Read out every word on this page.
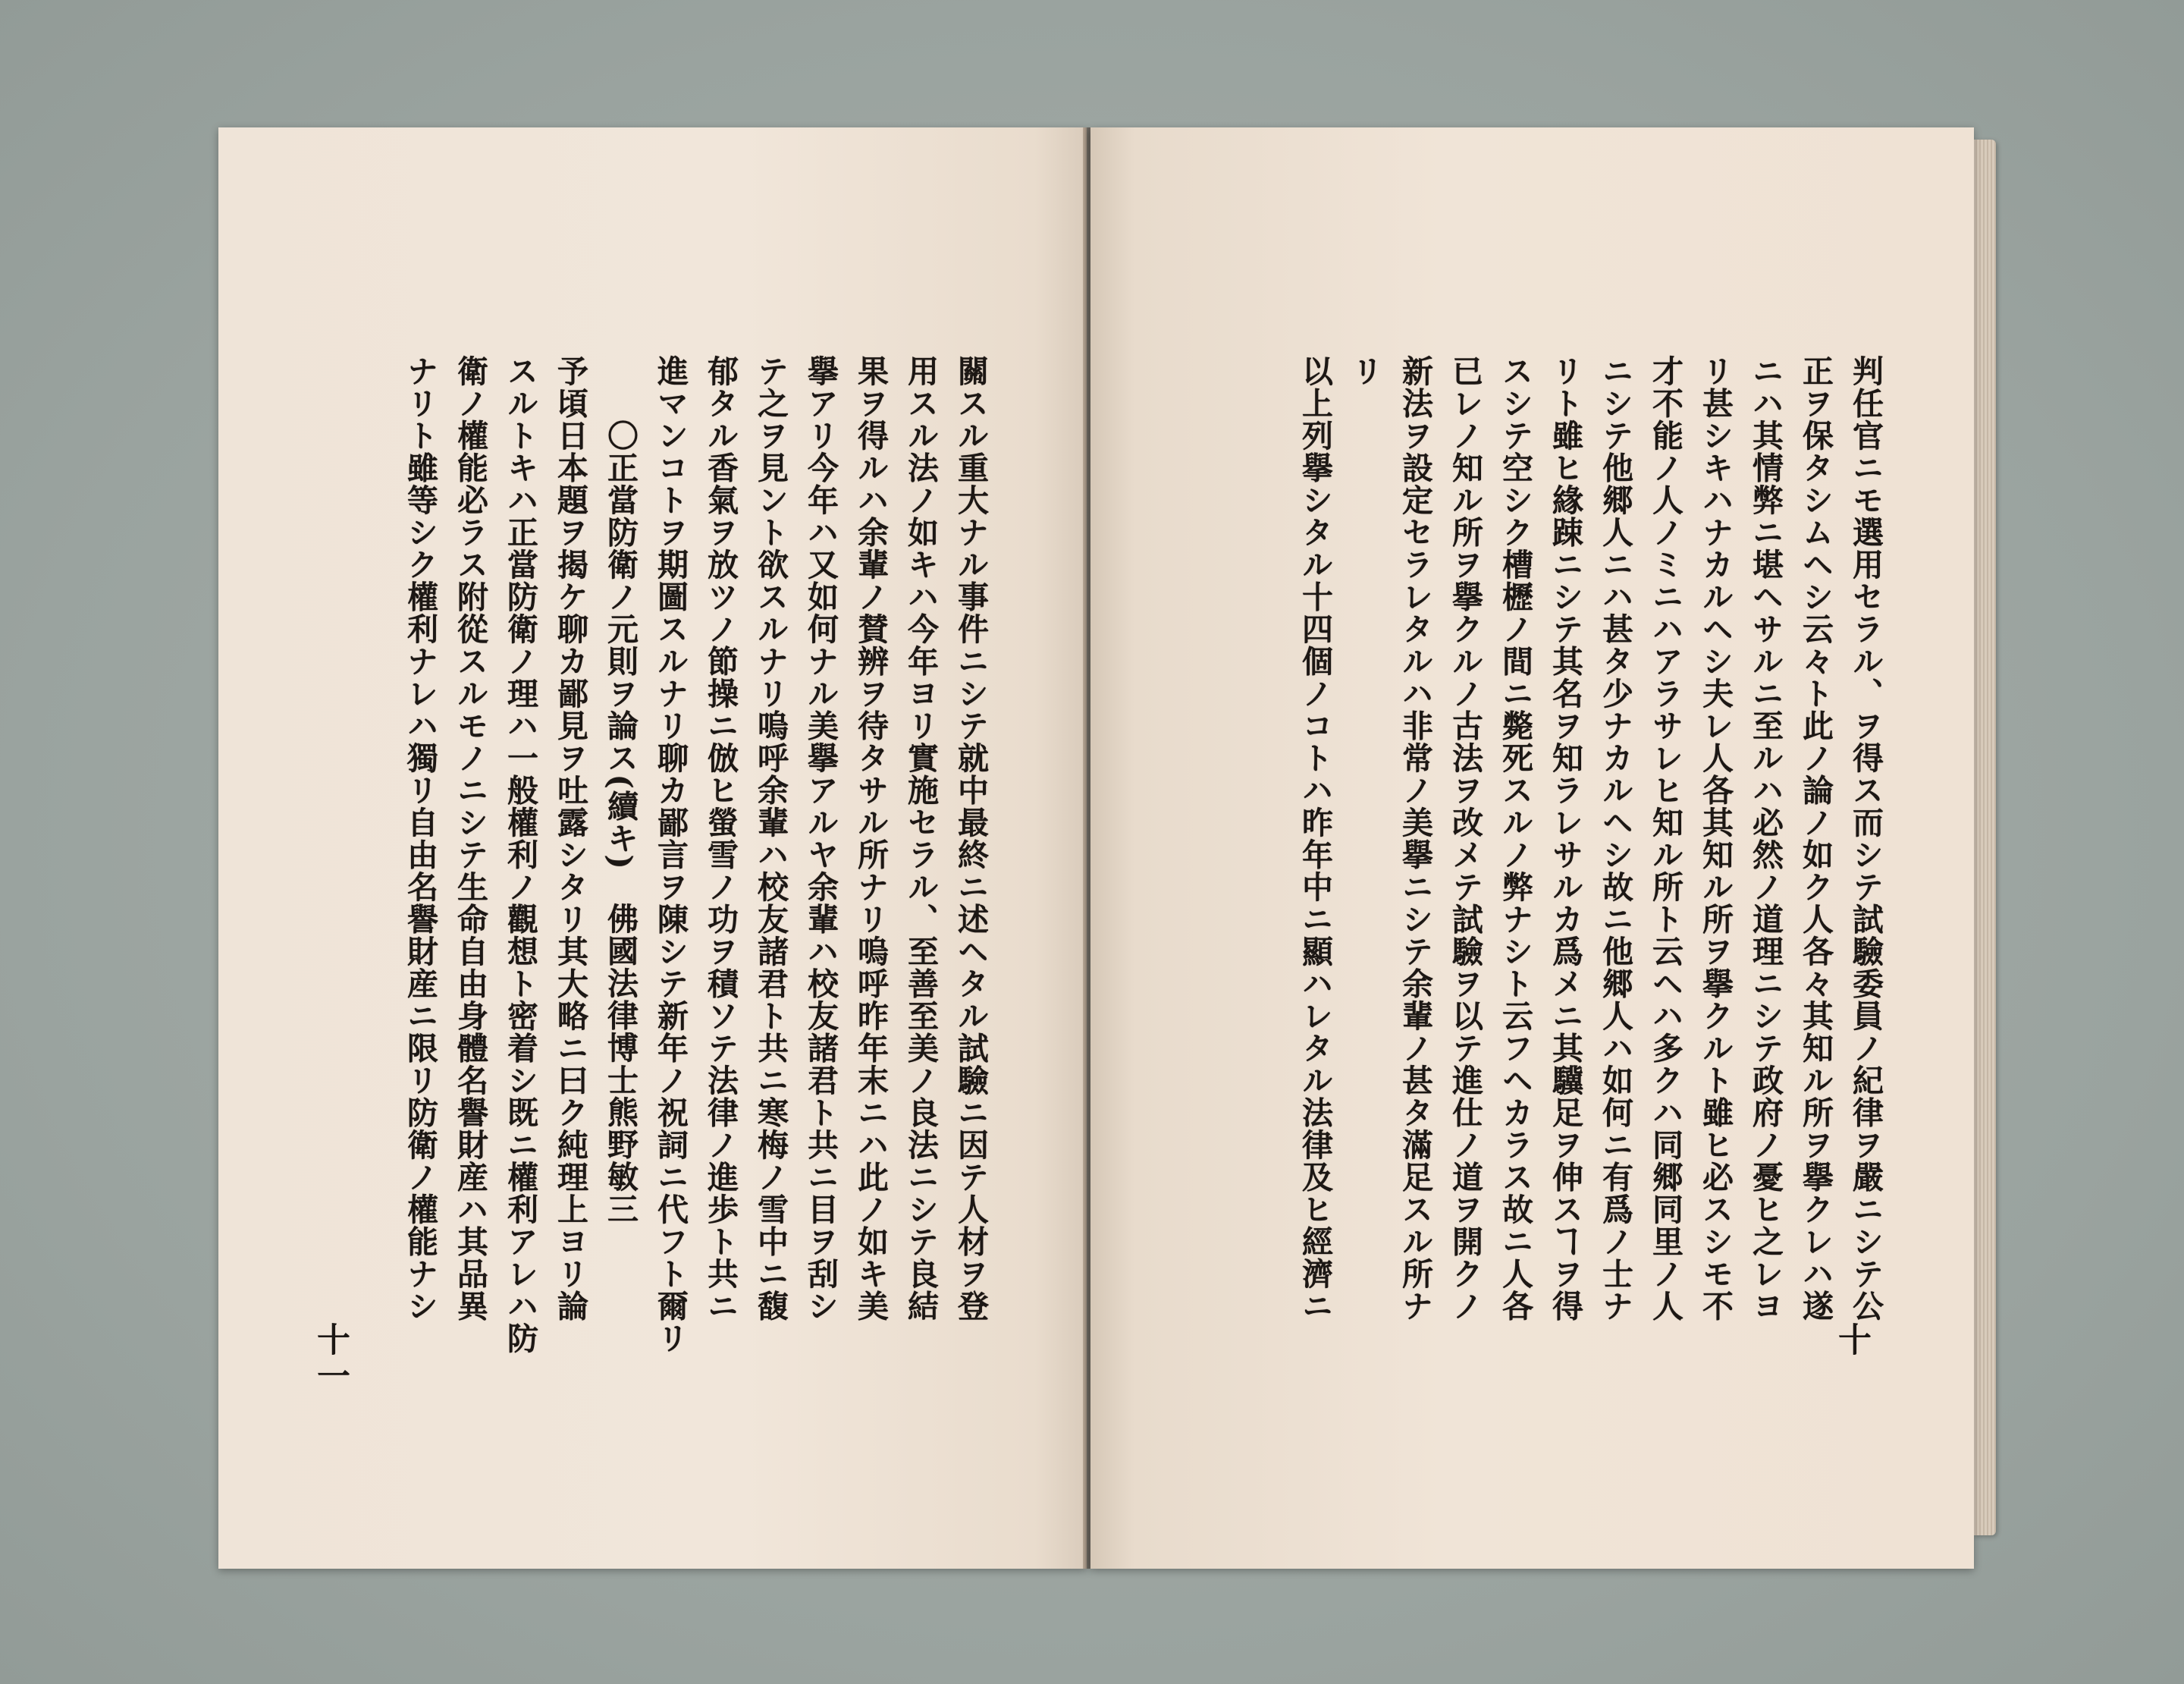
關スル重大ナル事件ニシテ就中最終ニ述ヘタル試驗ニ因テ人材ヲ登
用スル法ノ如キハ今年ヨリ實施セラル、至善至美ノ良法ニシテ良結
果ヲ得ルハ余輩ノ賛辨ヲ待タサル所ナリ嗚呼昨年末ニハ此ノ如キ美
擧アリ今年ハ又如何ナル美擧アルヤ余輩ハ校友諸君ト共ニ目ヲ刮シ
テ之ヲ見ント欲スルナリ嗚呼余輩ハ校友諸君ト共ニ寒梅ノ雪中ニ馥
郁タル香氣ヲ放ツノ節操ニ倣ヒ螢雪ノ功ヲ積ソテ法律ノ進歩ト共ニ
進マンコトヲ期圖スルナリ聊カ鄙言ヲ陳シテ新年ノ祝詞ニ代フト爾リ
　　〇正當防衛ノ元則ヲ論ス(續キ)　佛國法律博士熊野敏三
予頃日本題ヲ揭ケ聊カ鄙見ヲ吐露シタリ其大略ニ曰ク純理上ヨリ論
スルトキハ正當防衛ノ理ハ一般權利ノ觀想ト密着シ既ニ權利アレハ防
衛ノ權能必ラス附從スルモノニシテ生命自由身體名譽財産ハ其品異
ナリト雖等シク權利ナレハ獨リ自由名譽財産ニ限リ防衛ノ權能ナシ
十一
判任官ニモ選用セラル、ヲ得ス而シテ試驗委員ノ紀律ヲ嚴ニシテ公
正ヲ保タシムヘシ云々ト此ノ論ノ如ク人各々其知ル所ヲ擧クレハ遂
ニハ其情弊ニ堪ヘサルニ至ルハ必然ノ道理ニシテ政府ノ憂ヒ之レヨ
リ甚シキハナカルヘシ夫レ人各其知ル所ヲ擧クルト雖ヒ必スシモ不
才不能ノ人ノミニハアラサレヒ知ル所ト云ヘハ多クハ同郷同里ノ人
ニシテ他郷人ニハ甚タ少ナカルヘシ故ニ他郷人ハ如何ニ有爲ノ士ナ
リト雖ヒ緣踈ニシテ其名ヲ知ラレサルカ爲メニ其驥足ヲ伸スヿヲ得
スシテ空シク槽櫪ノ間ニ斃死スルノ弊ナシト云フヘカラス故ニ人各
已レノ知ル所ヲ擧クルノ古法ヲ改メテ試驗ヲ以テ進仕ノ道ヲ開クノ
新法ヲ設定セラレタルハ非常ノ美擧ニシテ余輩ノ甚タ滿足スル所ナ
リ
以上列擧シタル十四個ノコトハ昨年中ニ顯ハレタル法律及ヒ經濟ニ
十
